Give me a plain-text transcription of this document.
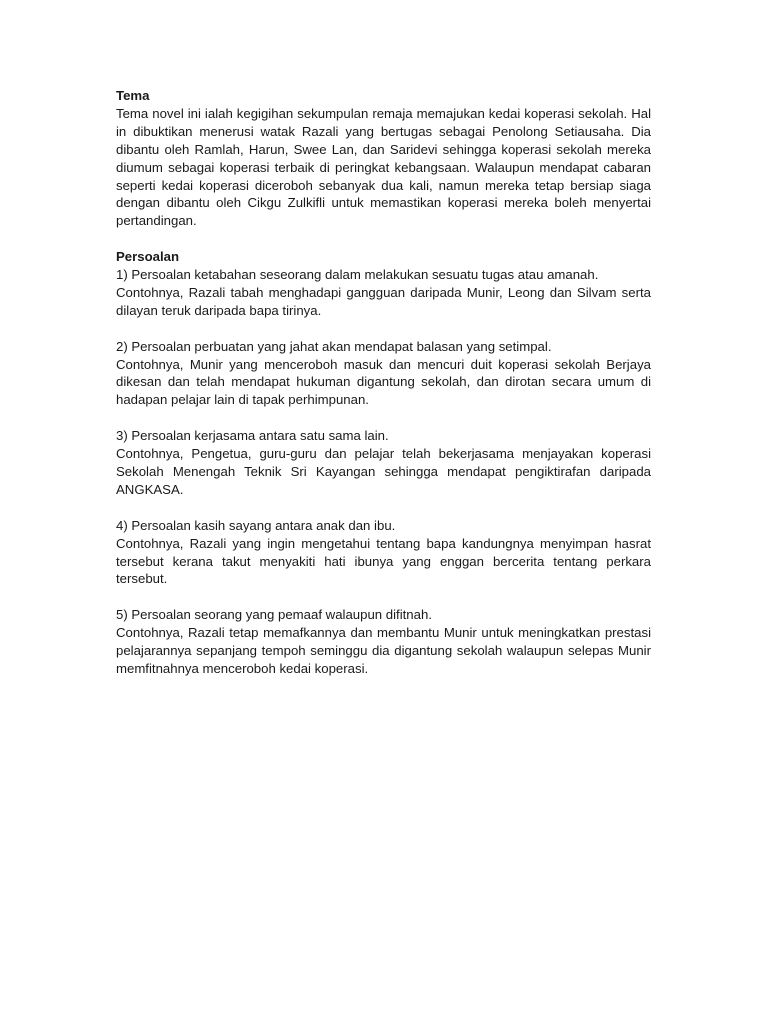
Tema

Tema novel ini ialah kegigihan sekumpulan remaja memajukan kedai koperasi sekolah. Hal in dibuktikan menerusi watak Razali yang bertugas sebagai Penolong Setiausaha. Dia dibantu oleh Ramlah, Harun, Swee Lan, dan Saridevi sehingga koperasi sekolah mereka diumum sebagai koperasi terbaik di peringkat kebangsaan. Walaupun mendapat cabaran seperti kedai koperasi diceroboh sebanyak dua kali, namun mereka tetap bersiap siaga dengan dibantu oleh Cikgu Zulkifli untuk memastikan koperasi mereka boleh menyertai pertandingan.

Persoalan

1) Persoalan ketabahan seseorang dalam melakukan sesuatu tugas atau amanah.

Contohnya, Razali tabah menghadapi gangguan daripada Munir, Leong dan Silvam serta dilayan teruk daripada bapa tirinya.

2) Persoalan perbuatan yang jahat akan mendapat balasan yang setimpal.

Contohnya, Munir yang menceroboh masuk dan mencuri duit koperasi sekolah Berjaya dikesan dan telah mendapat hukuman digantung sekolah, dan dirotan secara umum di hadapan pelajar lain di tapak perhimpunan.

3) Persoalan kerjasama antara satu sama lain.

Contohnya, Pengetua, guru-guru dan pelajar telah bekerjasama menjayakan koperasi Sekolah Menengah Teknik Sri Kayangan sehingga mendapat pengiktirafan daripada ANGKASA.

4) Persoalan kasih sayang antara anak dan ibu.

Contohnya, Razali yang ingin mengetahui tentang bapa kandungnya menyimpan hasrat tersebut kerana takut menyakiti hati ibunya yang enggan bercerita tentang perkara tersebut.

5) Persoalan seorang yang pemaaf walaupun difitnah.

Contohnya, Razali tetap memafkannya dan membantu Munir untuk meningkatkan prestasi pelajarannya sepanjang tempoh seminggu dia digantung sekolah walaupun selepas Munir memfitnahnya menceroboh kedai koperasi.
